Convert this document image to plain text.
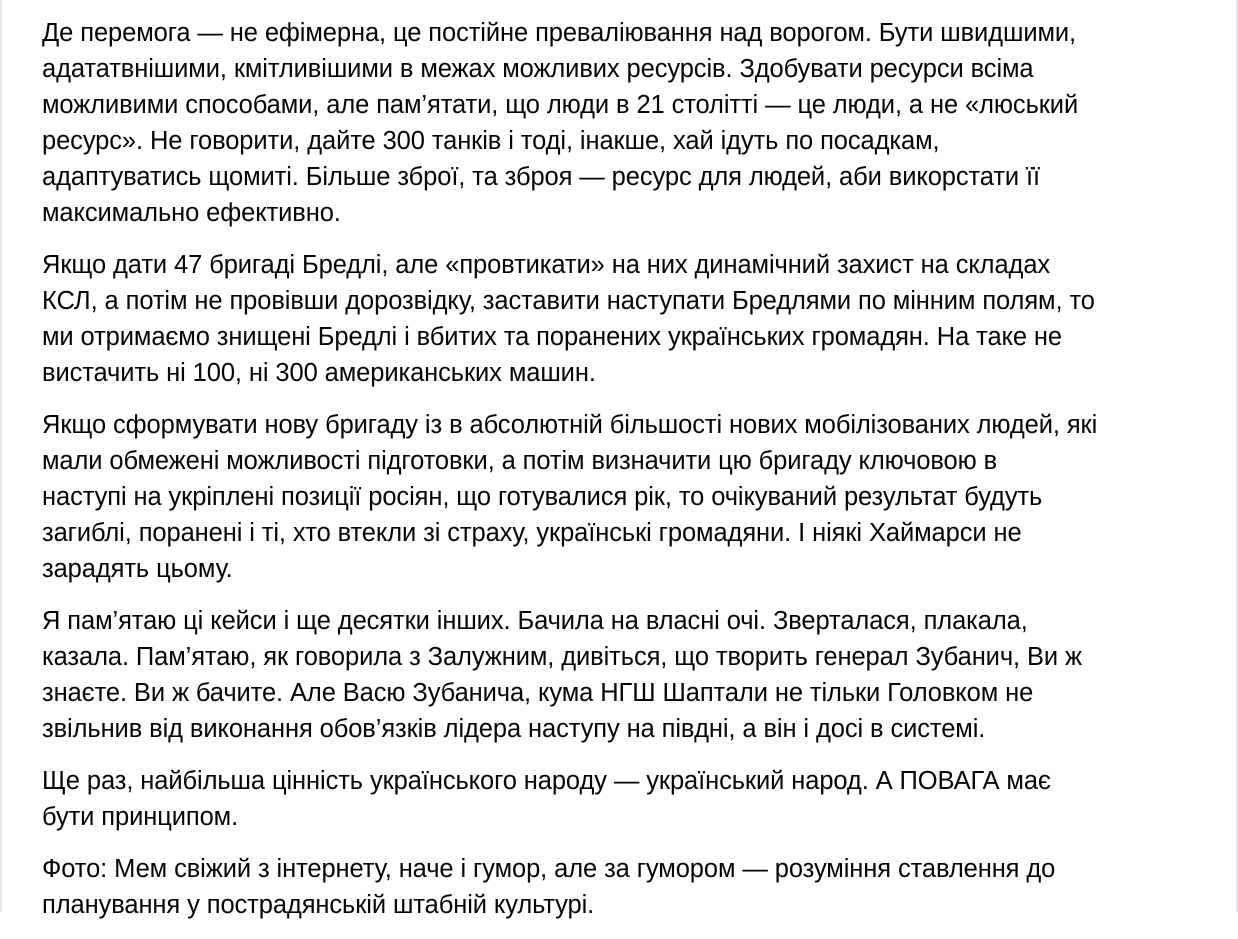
Де перемога — не ефімерна, це постійне преваліювання над ворогом. Бути швидшими,
адататвнішими, кмітливішими в межах можливих ресурсів. Здобувати ресурси всіма
можливими способами, але пам’ятати, що люди в 21 столітті — це люди, а не «люський
ресурс». Не говорити, дайте 300 танків і тоді, інакше, хай ідуть по посадкам,
адаптуватись щомиті. Більше зброї, та зброя — ресурс для людей, аби викорстати її
максимально ефективно.
Якщо дати 47 бригаді Бредлі, але «провтикати» на них динамічний захист на складах
КСЛ, а потім не провівши дорозвідку, заставити наступати Бредлями по мінним полям, то
ми отримаємо знищені Бредлі і вбитих та поранених українських громадян. На таке не
вистачить ні 100, ні 300 американських машин.
Якщо сформувати нову бригаду із в абсолютній більшості нових мобілізованих людей, які
мали обмежені можливості підготовки, а потім визначити цю бригаду ключовою в
наступі на укріплені позиції росіян, що готувалися рік, то очікуваний результат будуть
загиблі, поранені і ті, хто втекли зі страху, українські громадяни. І ніякі Хаймарси не
зарадять цьому.
Я пам’ятаю ці кейси і ще десятки інших. Бачила на власні очі. Зверталася, плакала,
казала. Пам’ятаю, як говорила з Залужним, дивіться, що творить генерал Зубанич, Ви ж
знаєте. Ви ж бачите. Але Васю Зубанича, кума НГШ Шаптали не тільки Головком не
звільнив від виконання обов’язків лідера наступу на півдні, а він і досі в системі.
Ще раз, найбільша цінність українського народу — український народ. А ПОВАГА має
бути принципом.
Фото: Мем свіжий з інтернету, наче і гумор, але за гумором — розуміння ставлення до
планування у пострадянській штабній культурі.
